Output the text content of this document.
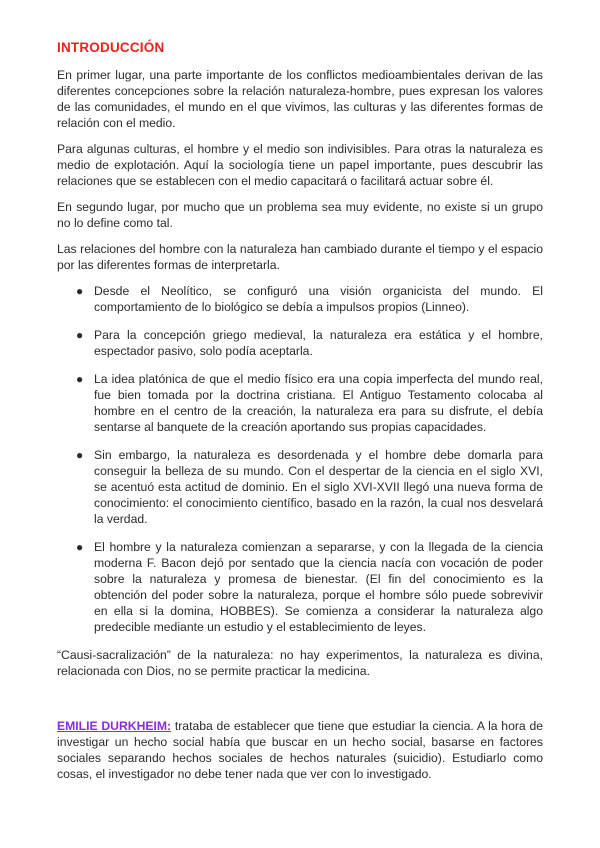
INTRODUCCIÓN

En primer lugar, una parte importante de los conflictos medioambientales derivan de las diferentes concepciones sobre la relación naturaleza-hombre, pues expresan los valores de las comunidades, el mundo en el que vivimos, las culturas y las diferentes formas de relación con el medio.

Para algunas culturas, el hombre y el medio son indivisibles. Para otras la naturaleza es medio de explotación. Aquí la sociología tiene un papel importante, pues descubrir las relaciones que se establecen con el medio capacitará o facilitará actuar sobre él.

En segundo lugar, por mucho que un problema sea muy evidente, no existe si un grupo no lo define como tal.

Las relaciones del hombre con la naturaleza han cambiado durante el tiempo y el espacio por las diferentes formas de interpretarla.

● Desde el Neolítico, se configuró una visión organicista del mundo. El comportamiento de lo biológico se debía a impulsos propios (Linneo).
● Para la concepción griego medieval, la naturaleza era estática y el hombre, espectador pasivo, solo podía aceptarla.
● La idea platónica de que el medio físico era una copia imperfecta del mundo real, fue bien tomada por la doctrina cristiana. El Antiguo Testamento colocaba al hombre en el centro de la creación, la naturaleza era para su disfrute, el debía sentarse al banquete de la creación aportando sus propias capacidades.
● Sin embargo, la naturaleza es desordenada y el hombre debe domarla para conseguir la belleza de su mundo. Con el despertar de la ciencia en el siglo XVI, se acentuó esta actitud de dominio. En el siglo XVI-XVII llegó una nueva forma de conocimiento: el conocimiento científico, basado en la razón, la cual nos desvelará la verdad.
● El hombre y la naturaleza comienzan a separarse, y con la llegada de la ciencia moderna F. Bacon dejó por sentado que la ciencia nacía con vocación de poder sobre la naturaleza y promesa de bienestar. (El fin del conocimiento es la obtención del poder sobre la naturaleza, porque el hombre sólo puede sobrevivir en ella si la domina, HOBBES). Se comienza a considerar la naturaleza algo predecible mediante un estudio y el establecimiento de leyes.

“Causi-sacralización” de la naturaleza: no hay experimentos, la naturaleza es divina, relacionada con Dios, no se permite practicar la medicina.

EMILIE DURKHEIM: trataba de establecer que tiene que estudiar la ciencia. A la hora de investigar un hecho social había que buscar en un hecho social, basarse en factores sociales separando hechos sociales de hechos naturales (suicidio). Estudiarlo como cosas, el investigador no debe tener nada que ver con lo investigado.
